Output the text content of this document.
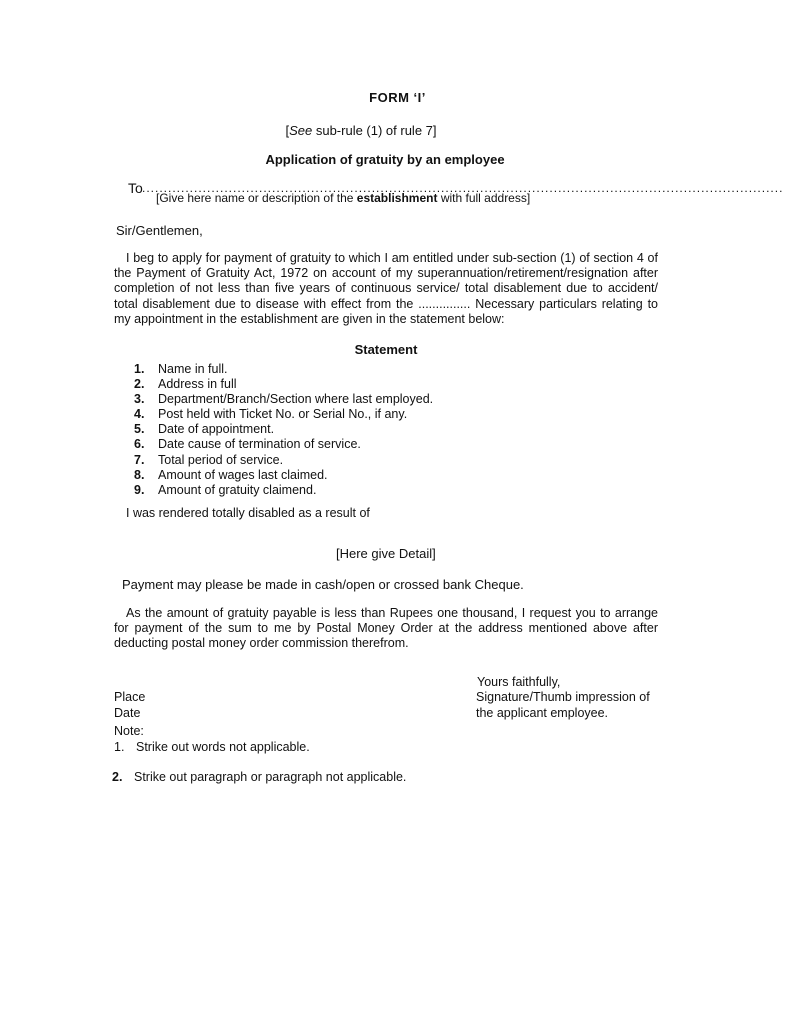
FORM ‘I’
[See sub-rule (1) of rule 7]
Application of gratuity by an employee
To ....................................................................................................................................................
[Give here name or description of the establishment with full address]
Sir/Gentlemen,
I beg to apply for payment of gratuity to which I am entitled under sub-section (1) of section 4 of the Payment of Gratuity Act, 1972 on account of my superannuation/retirement/resignation after completion of not less than five years of continuous service/ total disablement due to accident/ total disablement due to disease with effect from the ............... Necessary particulars relating to my appointment in the establishment are given in the statement below:
Statement
1.	Name in full.
2.	Address in full
3.	Department/Branch/Section where last employed.
4.	Post held with Ticket No. or Serial No., if any.
5.	Date of appointment.
6.	Date cause of termination of service.
7.	Total period of service.
8.	Amount of wages last claimed.
9.	Amount of gratuity claimend.
I was rendered totally disabled as a result of
[Here give Detail]
Payment may please be made in cash/open or crossed bank Cheque.
As the amount of gratuity payable is less than Rupees one thousand, I request you to arrange for payment of the sum to me by Postal Money Order at the address mentioned above after deducting postal money order commission therefrom.
Yours faithfully,
Signature/Thumb impression of
the applicant employee.
Place
Date
Note:
1. Strike out words not applicable.
2. Strike out paragraph or paragraph not applicable.
